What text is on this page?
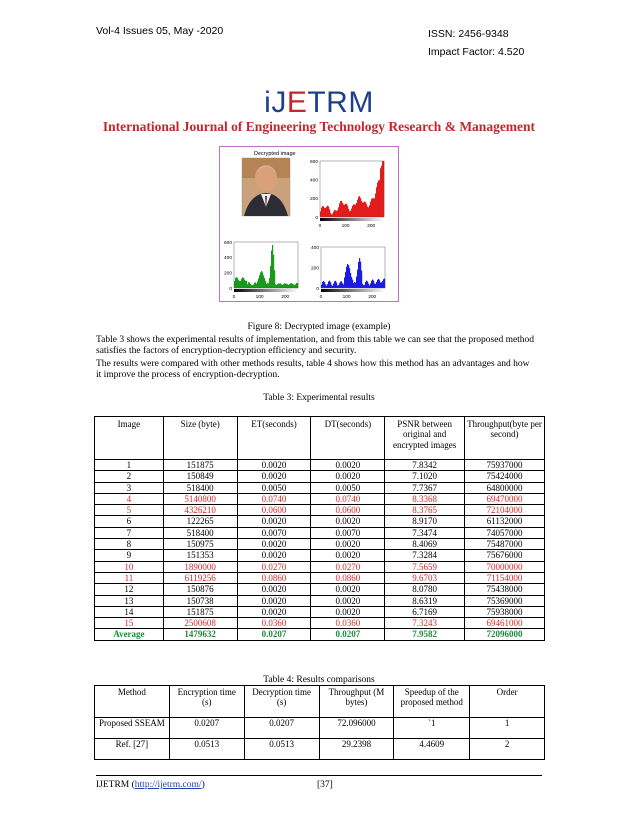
Vol-4 Issues 05, May -2020	ISSN: 2456-9348
Impact Factor: 4.520
iJETRM
International Journal of Engineering Technology Research & Management
Decrypted image
600
400
200
0
0	100	200
600
400
200
0
0	100	200
400
200
0
0	100	200
Figure 8: Decrypted image (example)
Table 3 shows the experimental results of implementation, and from this table we can see that the proposed method satisfies the factors of encryption-decryption efficiency and security.
The results were compared with other methods results, table 4 shows how this method has an advantages and how it improve the process of encryption-decryption.
Table 3: Experimental results
Image	Size (byte)	ET(seconds)	DT(seconds)	PSNR between original and encrypted images	Throughput(byte per second)
1	151875	0.0020	0.0020	7.8342	75937000
2	150849	0.0020	0.0020	7.1020	75424000
3	518400	0.0050	0.0050	7.7367	64800000
4	5140800	0.0740	0.0740	8.3368	69470000
5	4326210	0.0600	0.0600	8.3765	72104000
6	122265	0.0020	0.0020	8.9170	61132000
7	518400	0.0070	0.0070	7.3474	74057000
8	150975	0.0020	0.0020	8.4069	75487000
9	151353	0.0020	0.0020	7.3284	75676000
10	1890000	0.0270	0.0270	7.5659	70000000
11	6119256	0.0860	0.0860	9.6703	71154000
12	150876	0.0020	0.0020	8.0780	75438000
13	150738	0.0020	0.0020	8.6319	75369000
14	151875	0.0020	0.0020	6.7169	75938000
15	2500608	0.0360	0.0360	7.3243	69461000
Average	1479632	0.0207	0.0207	7.9582	72096000
Table 4: Results comparisons
Method	Encryption time (s)	Decryption time (s)	Throughput (M bytes)	Speedup of the proposed method	Order
Proposed SSEAM	0.0207	0.0207	72.096000	`1	1
Ref. [27]	0.0513	0.0513	29.2398	4.4609	2
IJETRM (http://ijetrm.com/)	[37]
